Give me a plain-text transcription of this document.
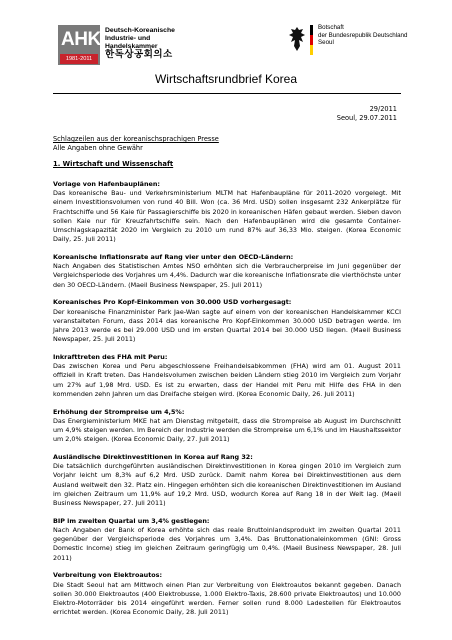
AHK
1981-2011
Deutsch-Koreanische
Industrie- und Handelskammer
한독상공회의소
Botschaft
der Bundesrepublik Deutschland
Seoul
Wirtschaftsrundbrief Korea
29/2011
Seoul, 29.07.2011
Schlagzeilen aus der koreanischsprachigen Presse
Alle Angaben ohne Gewähr
1. Wirtschaft und Wissenschaft
Vorlage von Hafenbauplänen:
Das koreanische Bau- und Verkehrsministerium MLTM hat Hafenbaupläne für 2011-2020 vorgelegt. Mit einem Investitionsvolumen von rund 40 Bill. Won (ca. 36 Mrd. USD) sollen insgesamt 232 Ankerplätze für Frachtschiffe und 56 Kaie für Passagierschiffe bis 2020 in koreanischen Häfen gebaut werden. Sieben davon sollen Kaie nur für Kreuzfahrtschiffe sein. Nach den Hafenbauplänen wird die gesamte Container-Umschlagskapazität 2020 im Vergleich zu 2010 um rund 87% auf 36,33 Mio. steigen. (Korea Economic Daily, 25. Juli 2011)
Koreanische Inflationsrate auf Rang vier unter den OECD-Ländern:
Nach Angaben des Statistischen Amtes NSO erhöhten sich die Verbraucherpreise im Juni gegenüber der Vergleichsperiode des Vorjahres um 4,4%. Dadurch war die koreanische Inflationsrate die vierthöchste unter den 30 OECD-Ländern. (Maeil Business Newspaper, 25. Juli 2011)
Koreanisches Pro Kopf-Einkommen von 30.000 USD vorhergesagt:
Der koreanische Finanzminister Park Jae-Wan sagte auf einem von der koreanischen Handelskammer KCCI veranstalteten Forum, dass 2014 das koreanische Pro Kopf-Einkommen 30.000 USD betragen werde. Im Jahre 2013 werde es bei 29.000 USD und im ersten Quartal 2014 bei 30.000 USD liegen. (Maeil Business Newspaper, 25. Juli 2011)
Inkrafttreten des FHA mit Peru:
Das zwischen Korea und Peru abgeschlossene Freihandelsabkommen (FHA) wird am 01. August 2011 offiziell in Kraft treten. Das Handelsvolumen zwischen beiden Ländern stieg 2010 im Vergleich zum Vorjahr um 27% auf 1,98 Mrd. USD. Es ist zu erwarten, dass der Handel mit Peru mit Hilfe des FHA in den kommenden zehn Jahren um das Dreifache steigen wird. (Korea Economic Daily, 26. Juli 2011)
Erhöhung der Strompreise um 4,5%:
Das Energieministerium MKE hat am Dienstag mitgeteilt, dass die Strompreise ab August im Durchschnitt um 4,9% steigen werden. Im Bereich der Industrie werden die Strompreise um 6,1% und im Haushaltssektor um 2,0% steigen. (Korea Economic Daily, 27. Juli 2011)
Ausländische Direktinvestitionen in Korea auf Rang 32:
Die tatsächlich durchgeführten ausländischen Direktinvestitionen in Korea gingen 2010 im Vergleich zum Vorjahr leicht um 8,3% auf 6,2 Mrd. USD zurück. Damit nahm Korea bei Direktinvestitionen aus dem Ausland weltweit den 32. Platz ein. Hingegen erhöhten sich die koreanischen Direktinvestitionen im Ausland im gleichen Zeitraum um 11,9% auf 19,2 Mrd. USD, wodurch Korea auf Rang 18 in der Welt lag. (Maeil Business Newspaper, 27. Juli 2011)
BIP im zweiten Quartal um 3,4% gestiegen:
Nach Angaben der Bank of Korea erhöhte sich das reale Bruttoinlandsprodukt im zweiten Quartal 2011 gegenüber der Vergleichsperiode des Vorjahres um 3,4%. Das Bruttonationaleinkommen (GNI: Gross Domestic Income) stieg im gleichen Zeitraum geringfügig um 0,4%. (Maeil Business Newspaper, 28. Juli 2011)
Verbreitung von Elektroautos:
Die Stadt Seoul hat am Mittwoch einen Plan zur Verbreitung von Elektroautos bekannt gegeben. Danach sollen 30.000 Elektroautos (400 Elektrobusse, 1.000 Elektro-Taxis, 28.600 private Elektroautos) und 10.000 Elektro-Motorräder bis 2014 eingeführt werden. Ferner sollen rund 8.000 Ladestellen für Elektroautos errichtet werden. (Korea Economic Daily, 28. Juli 2011)
